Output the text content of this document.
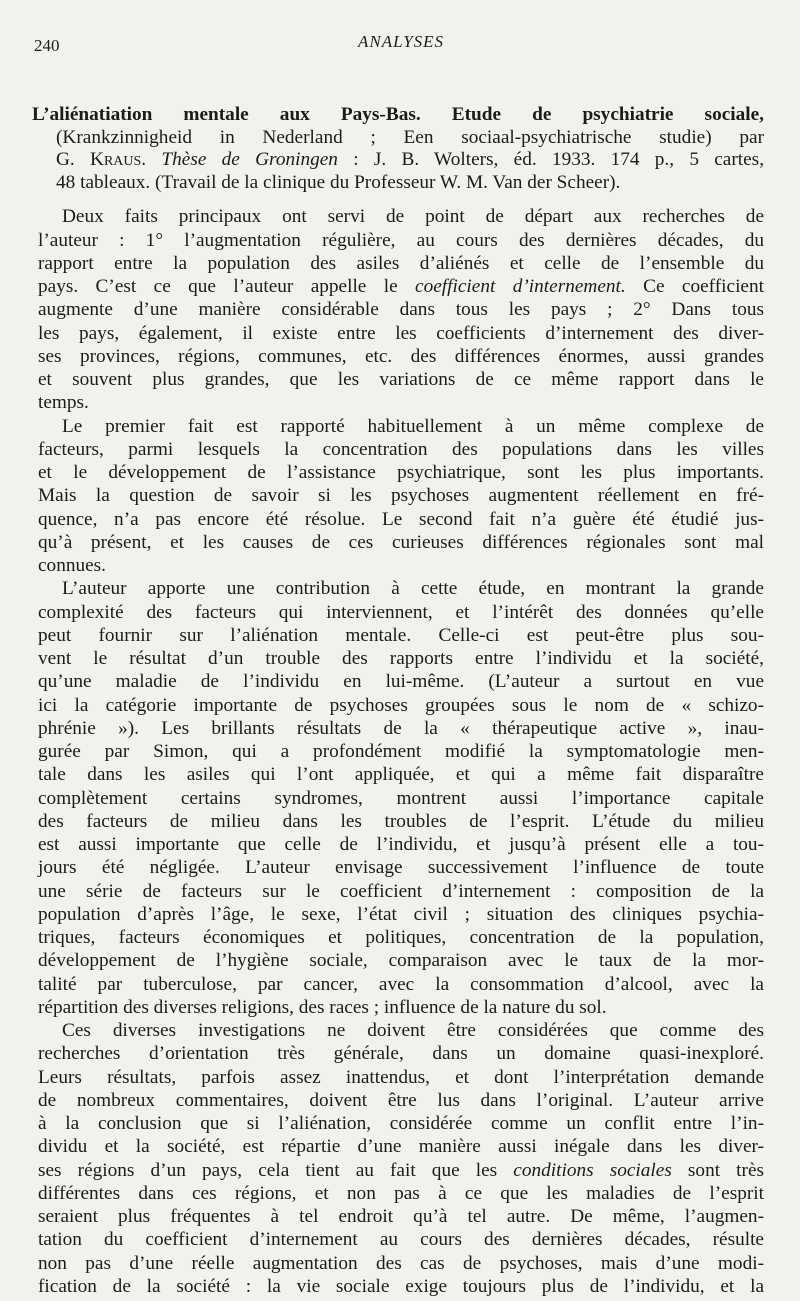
240	ANALYSES
L’aliénatiation mentale aux Pays-Bas. Etude de psychiatrie sociale,
(Krankzinnigheid in Nederland ; Een sociaal-psychiatrische studie) par
G. Kraus. Thèse de Groningen : J. B. Wolters, éd. 1933. 174 p., 5 cartes,
48 tableaux. (Travail de la clinique du Professeur W. M. Van der Scheer).

Deux faits principaux ont servi de point de départ aux recherches de
l’auteur : 1° l’augmentation régulière, au cours des dernières décades, du
rapport entre la population des asiles d’aliénés et celle de l’ensemble du
pays. C’est ce que l’auteur appelle le coefficient d’internement. Ce coefficient
augmente d’une manière considérable dans tous les pays ; 2° Dans tous
les pays, également, il existe entre les coefficients d’internement des diver-
ses provinces, régions, communes, etc. des différences énormes, aussi grandes
et souvent plus grandes, que les variations de ce même rapport dans le
temps.

Le premier fait est rapporté habituellement à un même complexe de
facteurs, parmi lesquels la concentration des populations dans les villes
et le développement de l’assistance psychiatrique, sont les plus importants.
Mais la question de savoir si les psychoses augmentent réellement en fré-
quence, n’a pas encore été résolue. Le second fait n’a guère été étudié jus-
qu’à présent, et les causes de ces curieuses différences régionales sont mal
connues.

L’auteur apporte une contribution à cette étude, en montrant la grande
complexité des facteurs qui interviennent, et l’intérêt des données qu’elle
peut fournir sur l’aliénation mentale. Celle-ci est peut-être plus sou-
vent le résultat d’un trouble des rapports entre l’individu et la société,
qu’une maladie de l’individu en lui-même. (L’auteur a surtout en vue
ici la catégorie importante de psychoses groupées sous le nom de « schizo-
phrénie »). Les brillants résultats de la « thérapeutique active », inau-
gurée par Simon, qui a profondément modifié la symptomatologie men-
tale dans les asiles qui l’ont appliquée, et qui a même fait disparaître
complètement certains syndromes, montrent aussi l’importance capitale
des facteurs de milieu dans les troubles de l’esprit. L’étude du milieu
est aussi importante que celle de l’individu, et jusqu’à présent elle a tou-
jours été négligée. L’auteur envisage successivement l’influence de toute
une série de facteurs sur le coefficient d’internement : composition de la
population d’après l’âge, le sexe, l’état civil ; situation des cliniques psychia-
triques, facteurs économiques et politiques, concentration de la population,
développement de l’hygiène sociale, comparaison avec le taux de la mor-
talité par tuberculose, par cancer, avec la consommation d’alcool, avec la
répartition des diverses religions, des races ; influence de la nature du sol.

Ces diverses investigations ne doivent être considérées que comme des
recherches d’orientation très générale, dans un domaine quasi-inexploré.
Leurs résultats, parfois assez inattendus, et dont l’interprétation demande
de nombreux commentaires, doivent être lus dans l’original. L’auteur arrive
à la conclusion que si l’aliénation, considérée comme un conflit entre l’in-
dividu et la société, est répartie d’une manière aussi inégale dans les diver-
ses régions d’un pays, cela tient au fait que les conditions sociales sont très
différentes dans ces régions, et non pas à ce que les maladies de l’esprit
seraient plus fréquentes à tel endroit qu’à tel autre. De même, l’augmen-
tation du coefficient d’internement au cours des dernières décades, résulte
non pas d’une réelle augmentation des cas de psychoses, mais d’une modi-
fication de la société : la vie sociale exige toujours plus de l’individu, et la
